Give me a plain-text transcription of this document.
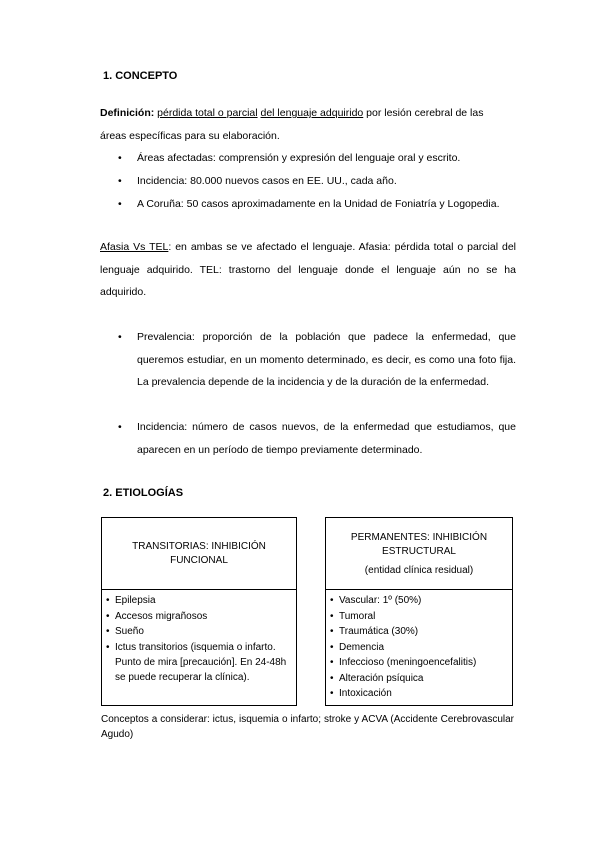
1. CONCEPTO
Definición: pérdida total o parcial del lenguaje adquirido por lesión cerebral de las
áreas específicas para su elaboración.
•	Áreas afectadas: comprensión y expresión del lenguaje oral y escrito.
•	Incidencia: 80.000 nuevos casos en EE. UU., cada año.
•	A Coruña: 50 casos aproximadamente en la Unidad de Foniatría y Logopedia.
Afasia Vs TEL: en ambas se ve afectado el lenguaje. Afasia: pérdida total o parcial del lenguaje adquirido. TEL: trastorno del lenguaje donde el lenguaje aún no se ha adquirido.
•	Prevalencia: proporción de la población que padece la enfermedad, que queremos estudiar, en un momento determinado, es decir, es como una foto fija. La prevalencia depende de la incidencia y de la duración de la enfermedad.
•	Incidencia: número de casos nuevos, de la enfermedad que estudiamos, que aparecen en un período de tiempo previamente determinado.
2. ETIOLOGÍAS
TRANSITORIAS: INHIBICIÓN FUNCIONAL
• Epilepsia
• Accesos migrañosos
• Sueño
• Ictus transitorios (isquemia o infarto. Punto de mira [precaución]. En 24-48h se puede recuperar la clínica).
PERMANENTES: INHIBICIÓN ESTRUCTURAL
(entidad clínica residual)
• Vascular: 1º (50%)
• Tumoral
• Traumática (30%)
• Demencia
• Infeccioso (meningoencefalitis)
• Alteración psíquica
• Intoxicación
Conceptos a considerar: ictus, isquemia o infarto; stroke y ACVA (Accidente Cerebrovascular Agudo)
